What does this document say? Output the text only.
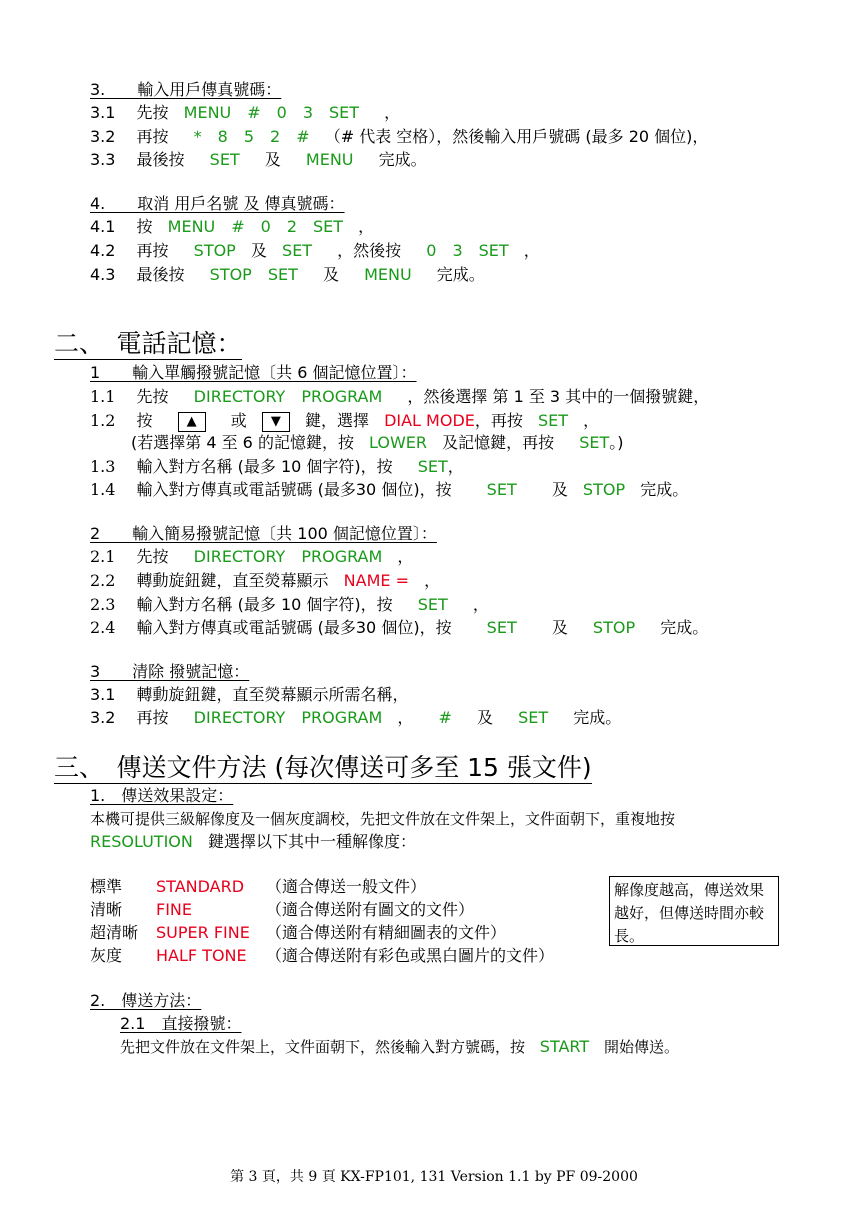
3.　　輸入用戶傳真號碼：
3.1 先按 MENU　#　0　3　SET ，
3.2 再按 *　8　5　2　# （# 代表 空格），然後輸入用戶號碼 (最多 20 個位)，
3.3 最後按 SET 及 MENU 完成。
4.　　取消 用戶名號 及 傳真號碼：
4.1 按 MENU　#　0　2　SET ，
4.2 再按 STOP 及 SET ，然後按 0　3　SET ，
4.3 最後按 STOP　SET 及 MENU 完成。
二、　電話記憶：
1　　輸入單觸撥號記憶〔共 6 個記憶位置〕：
1.1 先按 DIRECTORY　PROGRAM ，然後選擇 第 1 至 3 其中的一個撥號鍵，
1.2 按	▲ 或 ▼ 鍵，選擇 DIAL MODE，再按 SET ，
(若選擇第 4 至 6 的記憶鍵，按 LOWER 及記憶鍵，再按 SET。)
1.3 輸入對方名稱 (最多 10 個字符)，按 SET，
1.4 輸入對方傳真或電話號碼 (最多30 個位)，按 SET 及 STOP 完成。
2　　輸入簡易撥號記憶〔共 100 個記憶位置〕：
2.1 先按 DIRECTORY　PROGRAM ，
2.2 轉動旋鈕鍵，直至熒幕顯示 NAME = ，
2.3 輸入對方名稱 (最多 10 個字符)，按 SET ，
2.4 輸入對方傳真或電話號碼 (最多30 個位)，按 SET 及 STOP 完成。
3　　清除 撥號記憶：
3.1 轉動旋鈕鍵，直至熒幕顯示所需名稱，
3.2 再按 DIRECTORY　PROGRAM ， # 及 SET 完成。
三、　傳送文件方法 (每次傳送可多至 15 張文件)
1.　傳送效果設定：
本機可提供三級解像度及一個灰度調校，先把文件放在文件架上，文件面朝下，重複地按
RESOLUTION 鍵選擇以下其中一種解像度：
標準 STANDARD （適合傳送一般文件）
清晰 FINE	（適合傳送附有圖文的文件）
超清晰 SUPER FINE （適合傳送附有精細圖表的文件）
灰度 HALF TONE （適合傳送附有彩色或黑白圖片的文件）
解像度越高，傳送效果越好，但傳送時間亦較長。
2.　傳送方法：
2.1　直接撥號：
先把文件放在文件架上，文件面朝下，然後輸入對方號碼，按 START 開始傳送。
第 3 頁，共 9 頁 KX-FP101, 131 Version 1.1 by PF 09-2000
